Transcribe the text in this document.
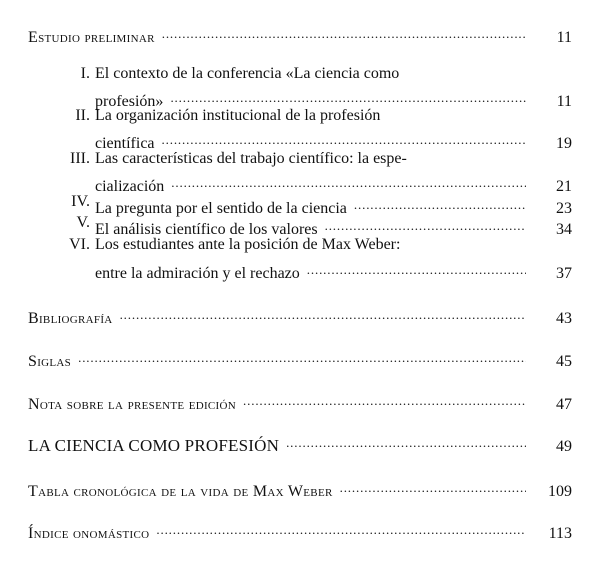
Estudio preliminar . . .	11
I. El contexto de la conferencia «La ciencia como
profesión» . . .	11
II. La organización institucional de la profesión
científica . . .	19
III. Las características del trabajo científico: la espe-
cialización . . .	21
IV. La pregunta por el sentido de la ciencia . . .	23
V. El análisis científico de los valores . . .	34
VI. Los estudiantes ante la posición de Max Weber:
entre la admiración y el rechazo . . .	37
Bibliografía . . .	43
Siglas . . .	45
Nota sobre la presente edición . . .	47
LA CIENCIA COMO PROFESIÓN . . .	49
Tabla cronológica de la vida de Max Weber . . .	109
Índice onomástico . . .	113
